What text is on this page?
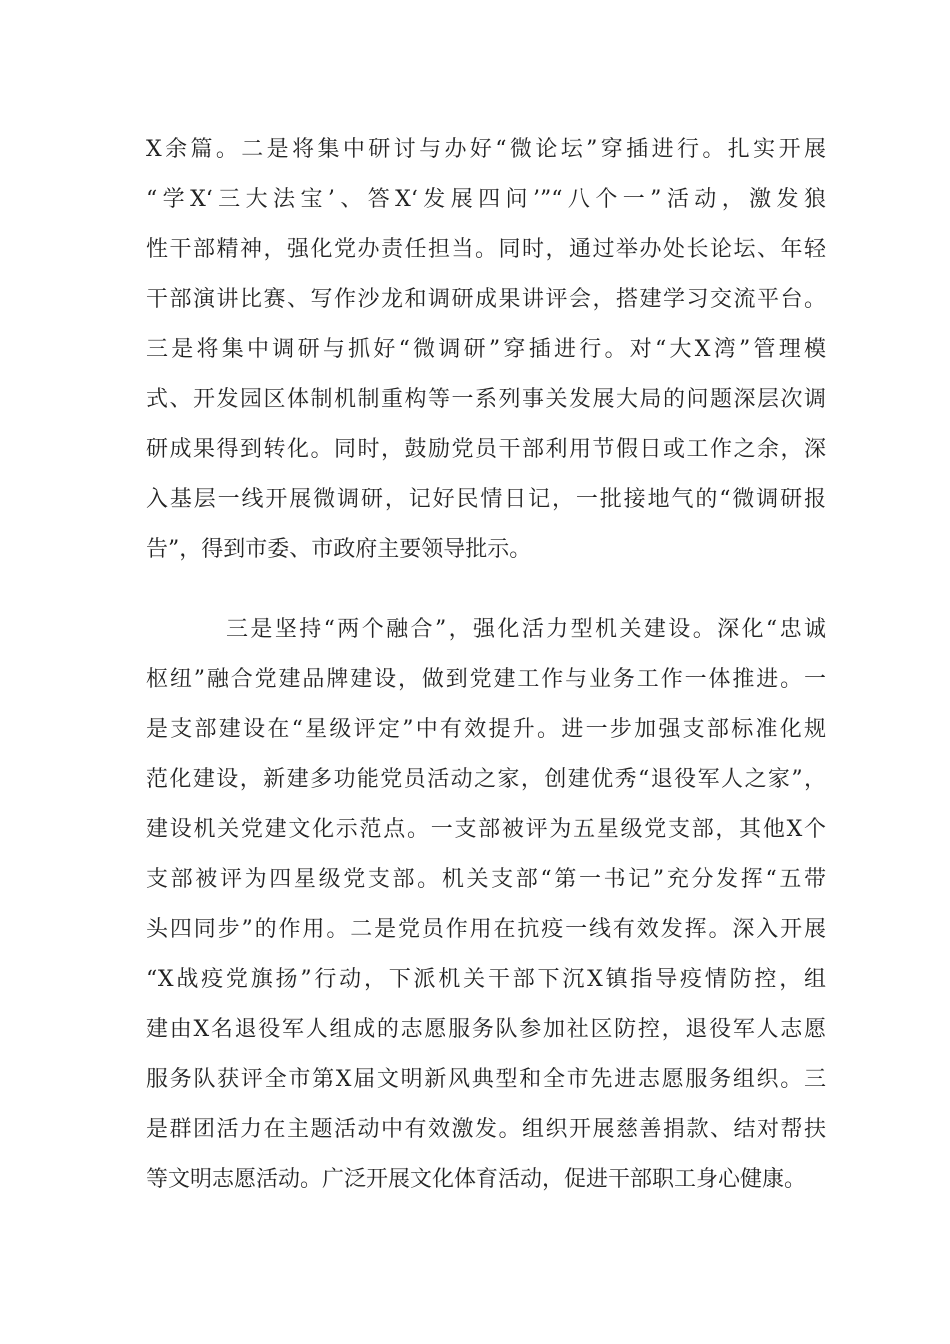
X余篇。二是将集中研讨与办好“微论坛”穿插进行。扎实开展
“学X‘三大法宝’、答X‘发展四问’”“八个一”活动，激发狼
性干部精神，强化党办责任担当。同时，通过举办处长论坛、年轻
干部演讲比赛、写作沙龙和调研成果讲评会，搭建学习交流平台。
三是将集中调研与抓好“微调研”穿插进行。对“大X湾”管理模
式、开发园区体制机制重构等一系列事关发展大局的问题深层次调
研成果得到转化。同时，鼓励党员干部利用节假日或工作之余，深
入基层一线开展微调研，记好民情日记，一批接地气的“微调研报
告”，得到市委、市政府主要领导批示。
三是坚持“两个融合”，强化活力型机关建设。深化“忠诚
枢纽”融合党建品牌建设，做到党建工作与业务工作一体推进。一
是支部建设在“星级评定”中有效提升。进一步加强支部标准化规
范化建设，新建多功能党员活动之家，创建优秀“退役军人之家”，
建设机关党建文化示范点。一支部被评为五星级党支部，其他X个
支部被评为四星级党支部。机关支部“第一书记”充分发挥“五带
头四同步”的作用。二是党员作用在抗疫一线有效发挥。深入开展
“X战疫党旗扬”行动，下派机关干部下沉X镇指导疫情防控，组
建由X名退役军人组成的志愿服务队参加社区防控，退役军人志愿
服务队获评全市第X届文明新风典型和全市先进志愿服务组织。三
是群团活力在主题活动中有效激发。组织开展慈善捐款、结对帮扶
等文明志愿活动。广泛开展文化体育活动，促进干部职工身心健康。
